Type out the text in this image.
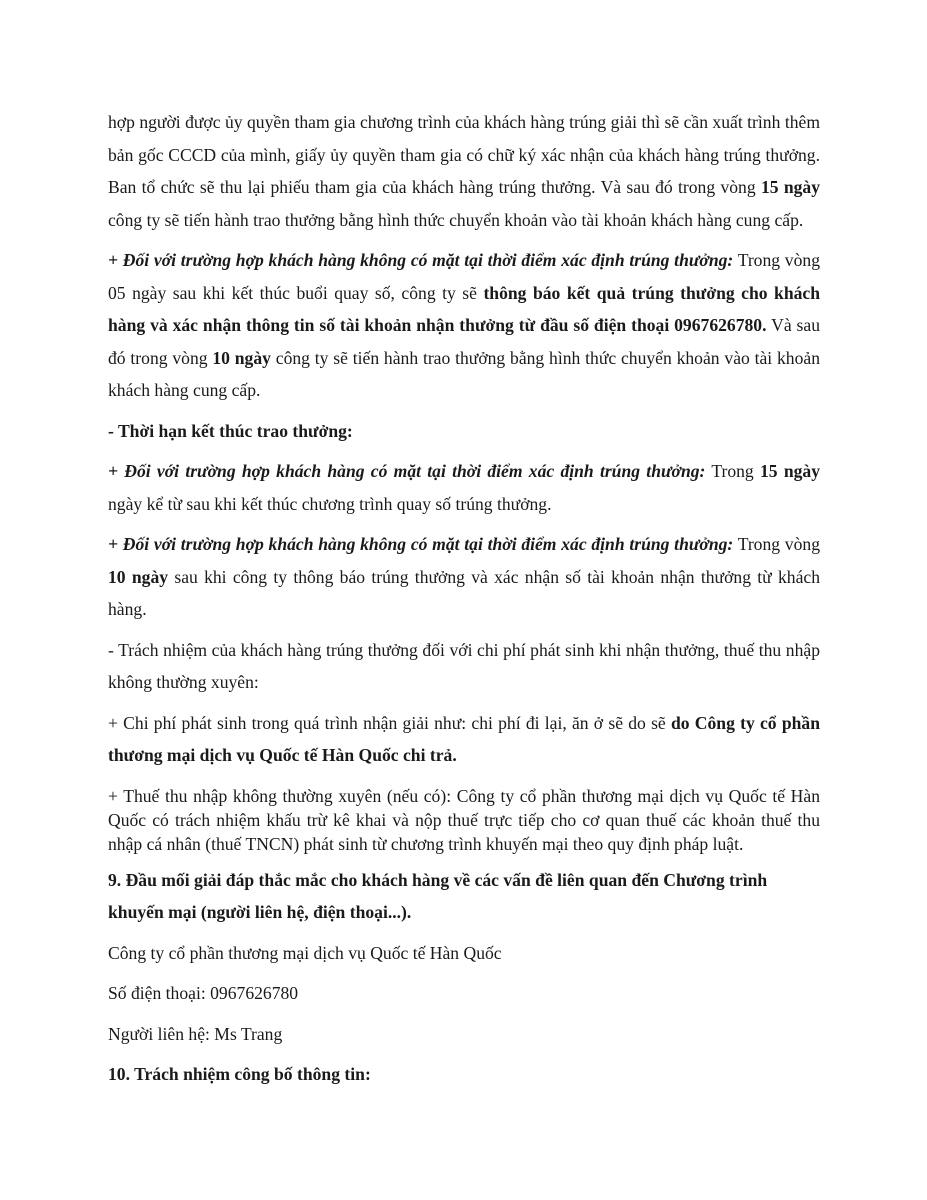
hợp người được ủy quyền tham gia chương trình của khách hàng trúng giải thì sẽ cần xuất trình thêm bản gốc CCCD của mình, giấy ủy quyền tham gia có chữ ký xác nhận của khách hàng trúng thưởng. Ban tổ chức sẽ thu lại phiếu tham gia của khách hàng trúng thưởng. Và sau đó trong vòng 15 ngày công ty sẽ tiến hành trao thưởng bằng hình thức chuyển khoản vào tài khoản khách hàng cung cấp.

+ Đối với trường hợp khách hàng không có mặt tại thời điểm xác định trúng thưởng: Trong vòng 05 ngày sau khi kết thúc buổi quay số, công ty sẽ thông báo kết quả trúng thưởng cho khách hàng và xác nhận thông tin số tài khoản nhận thưởng từ đầu số điện thoại 0967626780. Và sau đó trong vòng 10 ngày công ty sẽ tiến hành trao thưởng bằng hình thức chuyển khoản vào tài khoản khách hàng cung cấp.

- Thời hạn kết thúc trao thưởng:

+ Đối với trường hợp khách hàng có mặt tại thời điểm xác định trúng thưởng: Trong 15 ngày ngày kể từ sau khi kết thúc chương trình quay số trúng thưởng.

+ Đối với trường hợp khách hàng không có mặt tại thời điểm xác định trúng thưởng: Trong vòng 10 ngày sau khi công ty thông báo trúng thưởng và xác nhận số tài khoản nhận thưởng từ khách hàng.

- Trách nhiệm của khách hàng trúng thưởng đối với chi phí phát sinh khi nhận thưởng, thuế thu nhập không thường xuyên:

+ Chi phí phát sinh trong quá trình nhận giải như: chi phí đi lại, ăn ở sẽ do sẽ do Công ty cổ phần thương mại dịch vụ Quốc tế Hàn Quốc chi trả.

+ Thuế thu nhập không thường xuyên (nếu có): Công ty cổ phần thương mại dịch vụ Quốc tế Hàn Quốc có trách nhiệm khấu trừ kê khai và nộp thuế trực tiếp cho cơ quan thuế các khoản thuế thu nhập cá nhân (thuế TNCN) phát sinh từ chương trình khuyến mại theo quy định pháp luật.

9. Đầu mối giải đáp thắc mắc cho khách hàng về các vấn đề liên quan đến Chương trình khuyến mại (người liên hệ, điện thoại...).

Công ty cổ phần thương mại dịch vụ Quốc tế Hàn Quốc

Số điện thoại: 0967626780

Người liên hệ: Ms Trang

10. Trách nhiệm công bố thông tin:
